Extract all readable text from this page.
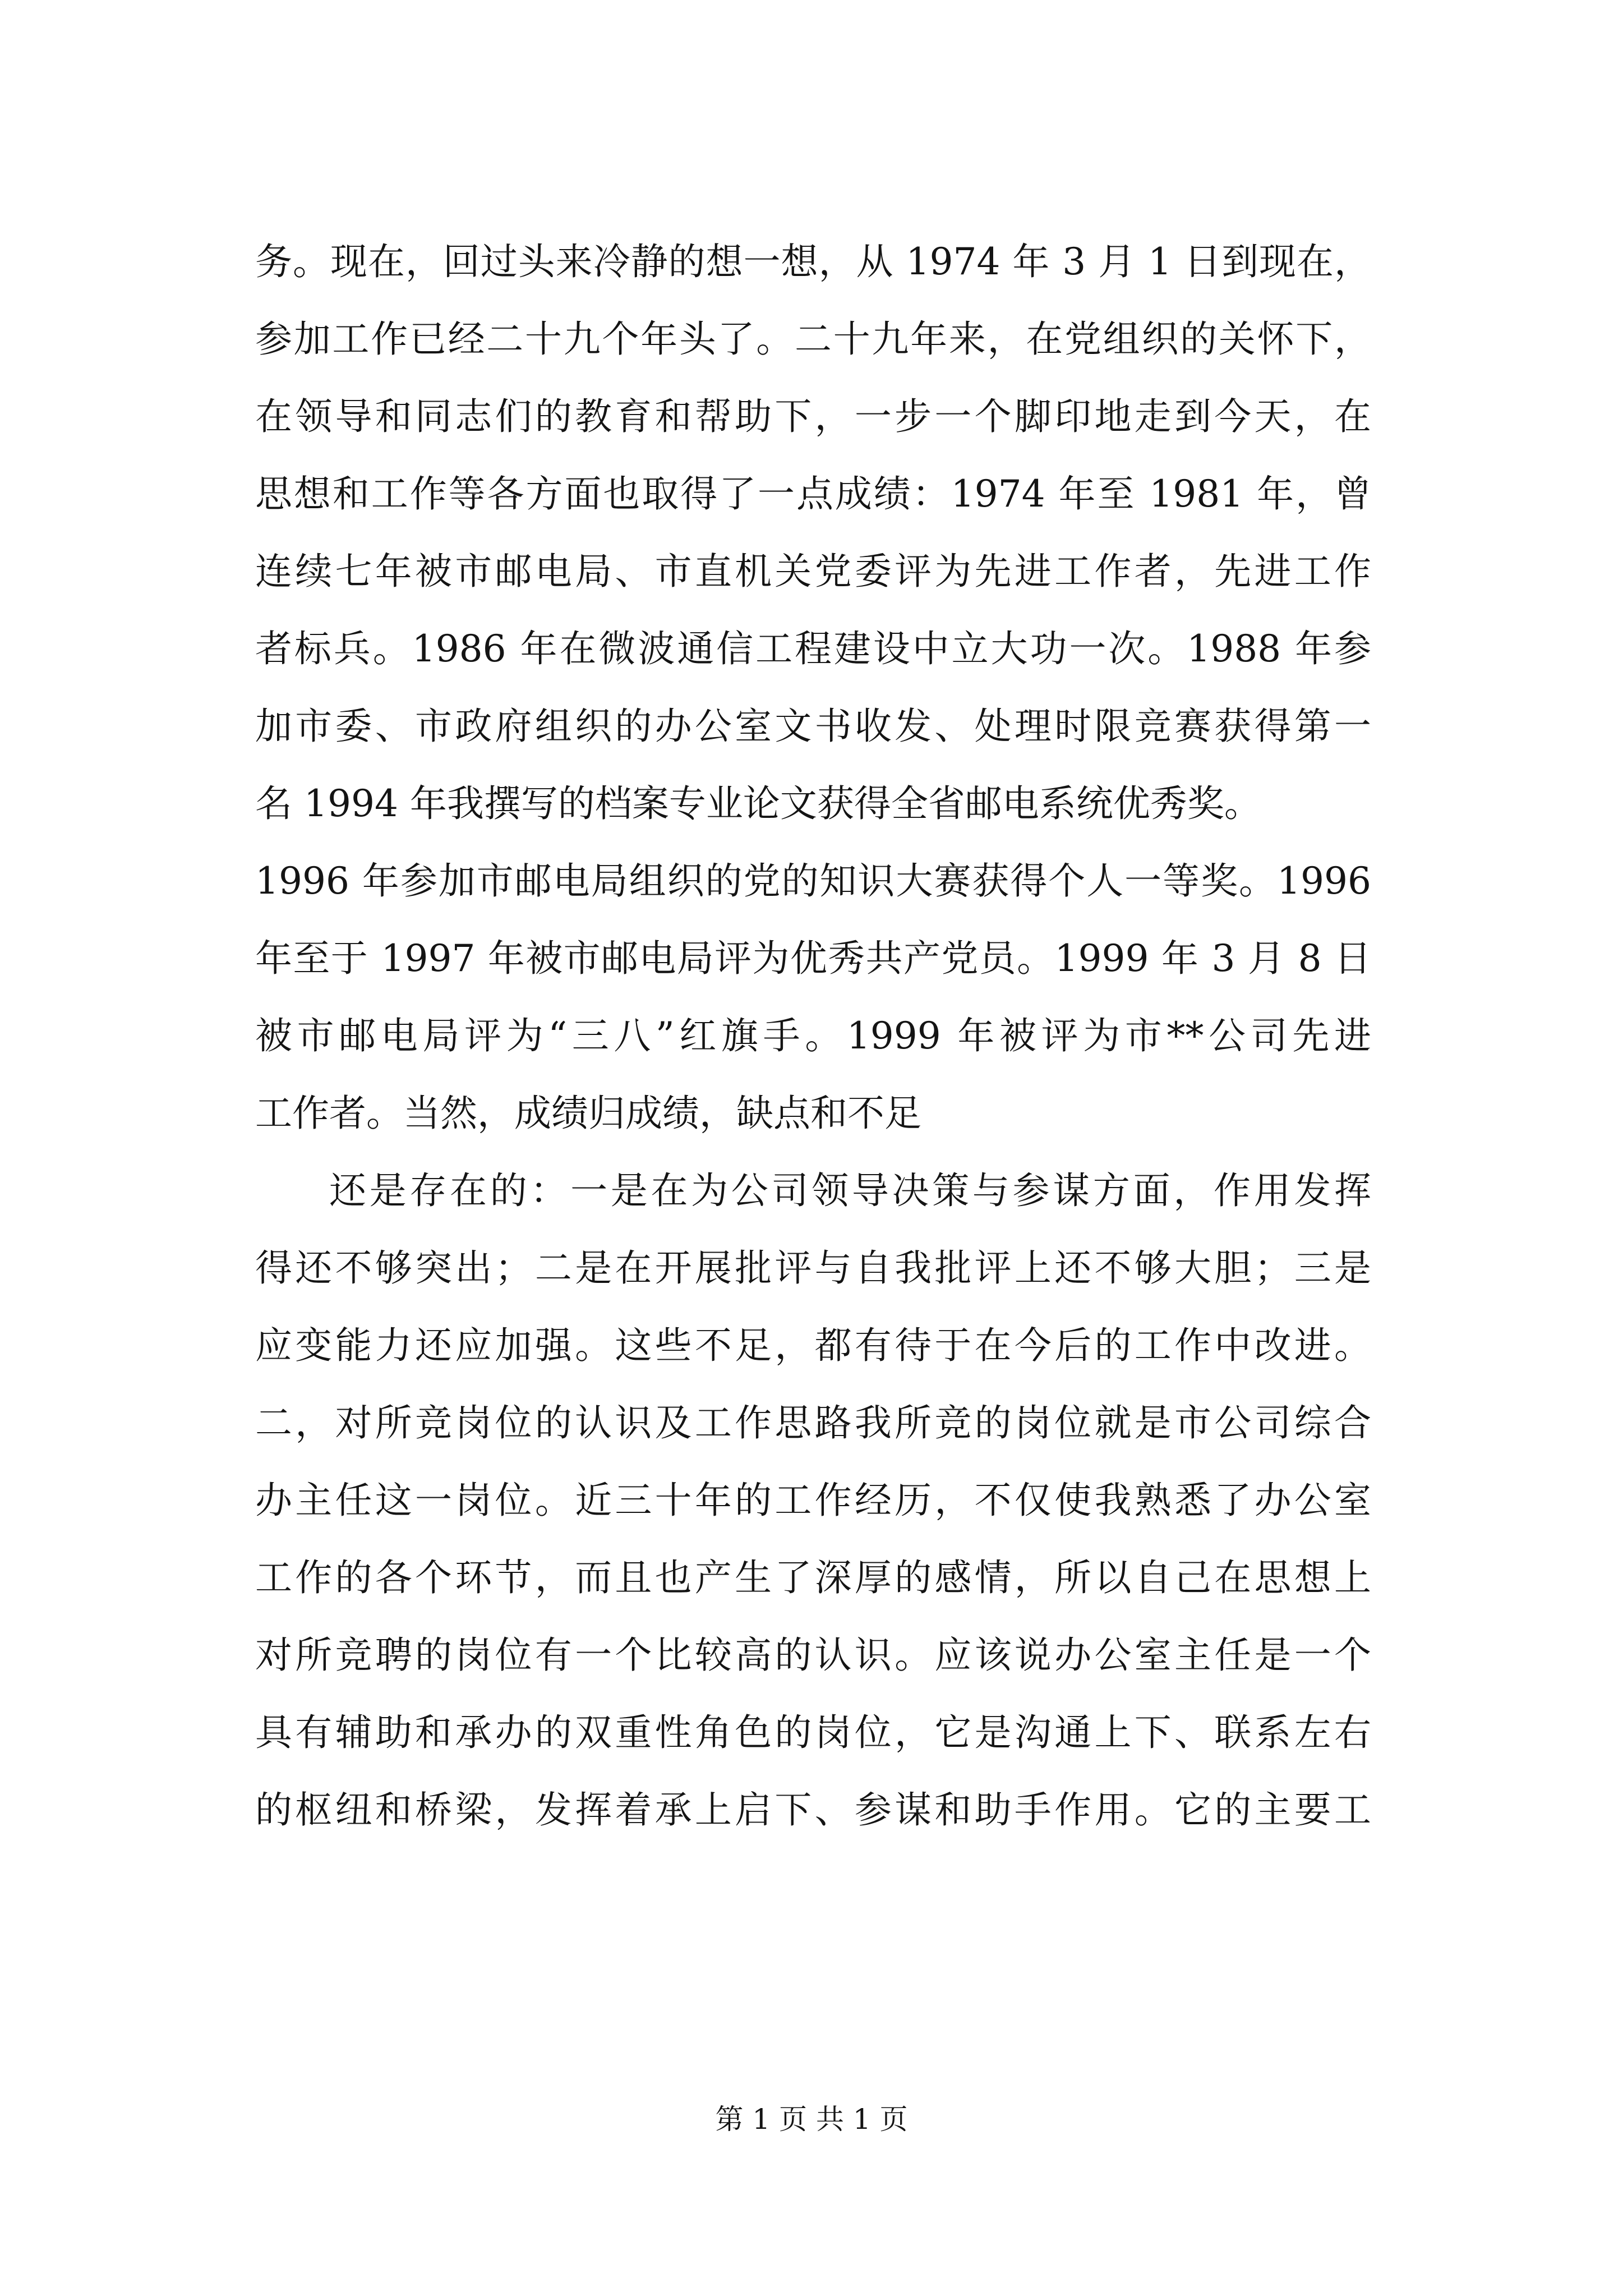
务。现在，回过头来冷静的想一想，从 1974 年 3 月 1 日到现在，
参加工作已经二十九个年头了。二十九年来，在党组织的关怀下，
在领导和同志们的教育和帮助下，一步一个脚印地走到今天，在
思想和工作等各方面也取得了一点成绩：1974 年至 1981 年，曾
连续七年被市邮电局、市直机关党委评为先进工作者，先进工作
者标兵。1986 年在微波通信工程建设中立大功一次。1988 年参
加市委、市政府组织的办公室文书收发、处理时限竞赛获得第一
名 1994 年我撰写的档案专业论文获得全省邮电系统优秀奖。
1996 年参加市邮电局组织的党的知识大赛获得个人一等奖。1996
年至于 1997 年被市邮电局评为优秀共产党员。1999 年 3 月 8 日
被市邮电局评为“三八”红旗手。1999 年被评为市**公司先进
工作者。当然，成绩归成绩，缺点和不足
还是存在的：一是在为公司领导决策与参谋方面，作用发挥
得还不够突出；二是在开展批评与自我批评上还不够大胆；三是
应变能力还应加强。这些不足，都有待于在今后的工作中改进。
二，对所竞岗位的认识及工作思路我所竞的岗位就是市公司综合
办主任这一岗位。近三十年的工作经历，不仅使我熟悉了办公室
工作的各个环节，而且也产生了深厚的感情，所以自己在思想上
对所竞聘的岗位有一个比较高的认识。应该说办公室主任是一个
具有辅助和承办的双重性角色的岗位，它是沟通上下、联系左右
的枢纽和桥梁，发挥着承上启下、参谋和助手作用。它的主要工
第 1 页 共 1 页
